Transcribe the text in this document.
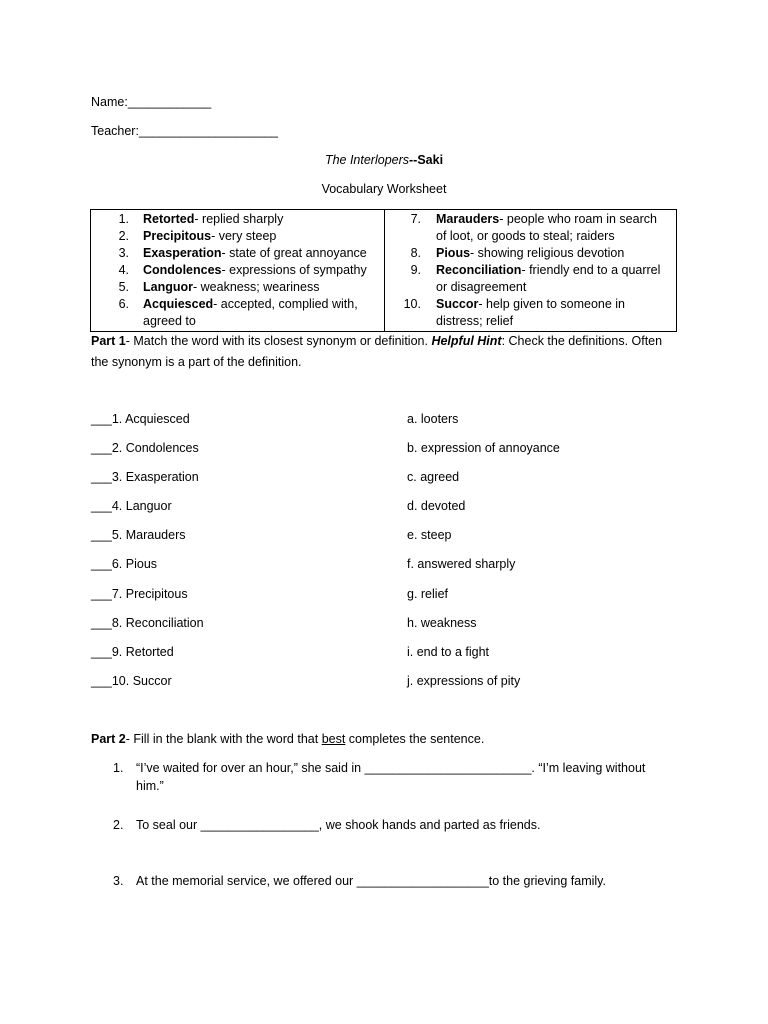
Name:____________
Teacher:____________________
The Interlopers--Saki
Vocabulary Worksheet
1. Retorted- replied sharply
2. Precipitous- very steep
3. Exasperation- state of great annoyance
4. Condolences- expressions of sympathy
5. Languor- weakness; weariness
6. Acquiesced- accepted, complied with,
agreed to
7. Marauders- people who roam in search
of loot, or goods to steal; raiders
8. Pious- showing religious devotion
9. Reconciliation- friendly end to a quarrel
or disagreement
10. Succor- help given to someone in
distress; relief
Part 1- Match the word with its closest synonym or definition. Helpful Hint: Check the definitions. Often
the synonym is a part of the definition.
___1. Acquiesced
___2. Condolences
___3. Exasperation
___4. Languor
___5. Marauders
___6. Pious
___7. Precipitous
___8. Reconciliation
___9. Retorted
___10. Succor
a. looters
b. expression of annoyance
c. agreed
d. devoted
e. steep
f. answered sharply
g. relief
h. weakness
i. end to a fight
j. expressions of pity
Part 2- Fill in the blank with the word that best completes the sentence.
1. “I’ve waited for over an hour,” she said in ________________________. “I’m leaving without
him.”
2. To seal our _________________, we shook hands and parted as friends.
3. At the memorial service, we offered our ___________________to the grieving family.
